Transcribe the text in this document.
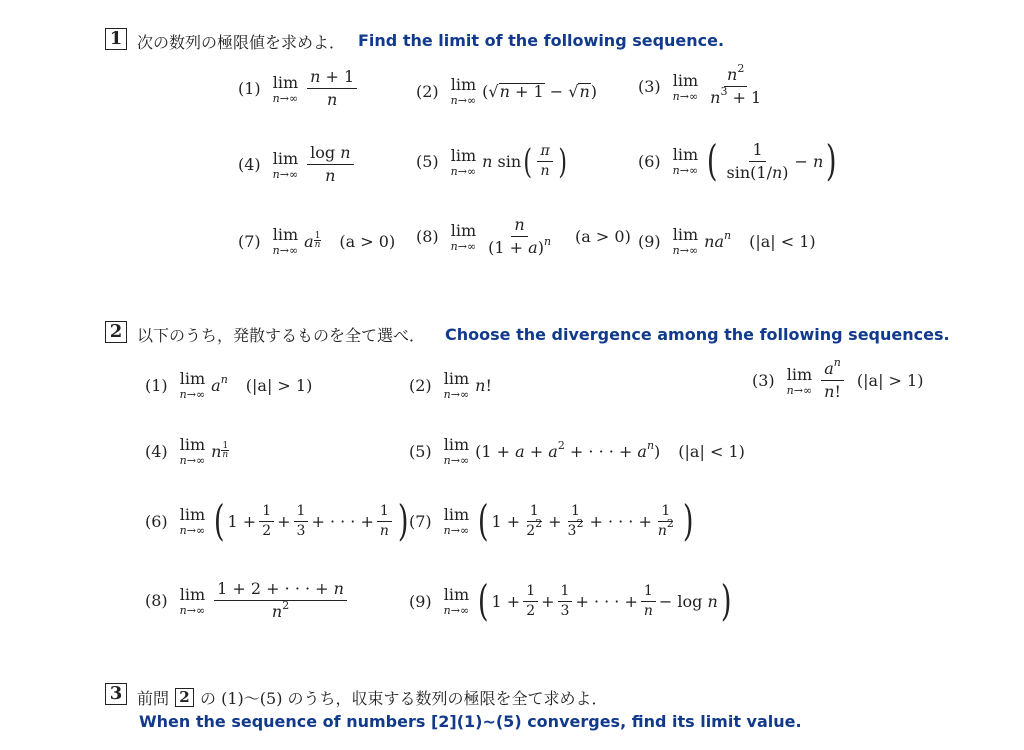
1 次の数列の極限値を求めよ． Find the limit of the following sequence.
(1) lim
$n\to\infty \frac{n + 1}{n}$	(2) lim
n→∞ ( √ n + 1 − √ n )	(3) lim
$n\to\infty \frac{n^2}{n^3 + 1}$
(4) lim
$n\to\infty \frac{\text{log n}}{n}$	(5) lim
n→∞ n sin ( $\frac{\pi}{n}$ )	(6) lim
n→∞ ( $\frac{1}{\sin(1/n)} - n$ )
(7) lim
n→∞ a $\frac{1}{n} (a > 0)$ (8) lim
$n\to\infty \frac{n}{(1 + a)^n} (a > 0)$ (9) lim
n→∞ $na^n$ (|a| < 1)
2 以下のうち，発散するものを全て選べ． Choose the divergence among the following sequences.
(1) lim
n→∞ $a^n$ (|a| > 1)	(2) lim
n→∞ n!	(3) lim
$n\to\infty \frac{a^n}{n!} (|a| > 1)$
(4) lim
n→∞ n $\frac{1}{n}$	(5) lim
n→∞ ($1 + a + a^2$ + · · · + $a^n$) (|a| < 1)
(6) lim
n→∞ ( $1 + \frac{1}{2} + \frac{1}{3}$ + · · · + $\frac{1}{n}$ ) (7) lim
n→∞ ( $1 + \frac{1}{2^2} + \frac{1}{3^2}$ + · · · + $\frac{1}{n^2}$ )
(8) lim
$n\to\infty \frac{1 + 2 + \cdot \cdot \cdot + n}{n^2}$	(9) lim
n→∞ ( $1 + \frac{1}{2} + \frac{1}{3}$ + · · · + $\frac{1}{n} - \log n$ )
3 前問 2 の (1)〜(5) のうち，収束する数列の極限を全て求めよ．
When the sequence of numbers [2](1)~(5) converges, find its limit value.
